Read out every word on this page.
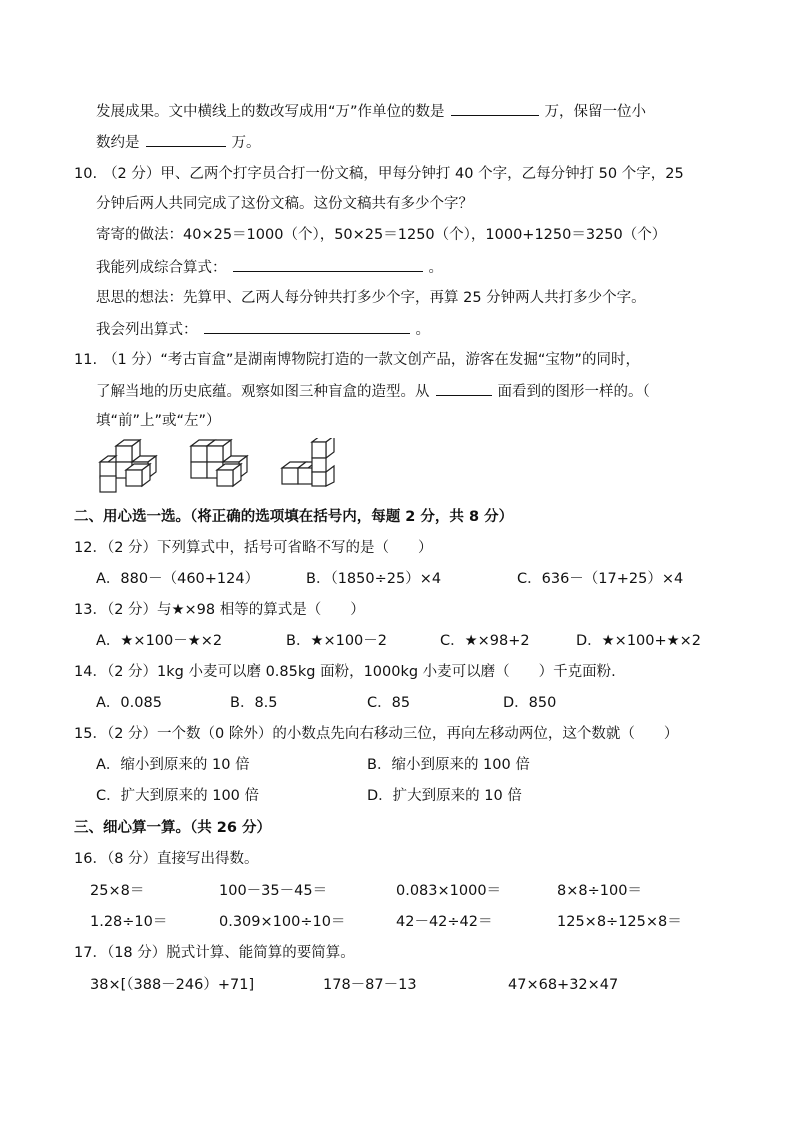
发展成果。文中横线上的数改写成用“万”作单位的数是	万，保留一位小
数约是	万。
10. （2 分）甲、乙两个打字员合打一份文稿，甲每分钟打 40 个字，乙每分钟打 50 个字，25
分钟后两人共同完成了这份文稿。这份文稿共有多少个字？
寄寄的做法：40×25＝1000（个），50×25＝1250（个），1000+1250＝3250（个）
我能列成综合算式：	。
思思的想法：先算甲、乙两人每分钟共打多少个字，再算 25 分钟两人共打多少个字。
我会列出算式：	。
11. （1 分）“考古盲盒”是湖南博物院打造的一款文创产品，游客在发掘“宝物”的同时，
了解当地的历史底蕴。观察如图三种盲盒的造型。从	面看到的图形一样的。（
填“前”上”或“左”）
二、用心选一选。（将正确的选项填在括号内，每题 2 分，共 8 分）
12．（2 分）下列算式中，括号可省略不写的是（　　）
A．880－（460+124）	B．（1850÷25）×4	C．636－（17+25）×4
13．（2 分）与★×98 相等的算式是（　　）
A．★×100－★×2	B．★×100－2	C．★×98+2	D．★×100+★×2
14．（2 分）1kg 小麦可以磨 0.85kg 面粉，1000kg 小麦可以磨（　　）千克面粉.
A．0.085	B．8.5	C．85	D．850
15．（2 分）一个数（0 除外）的小数点先向右移动三位，再向左移动两位，这个数就（　　）
A．缩小到原来的 10 倍	B．缩小到原来的 100 倍
C．扩大到原来的 100 倍	D．扩大到原来的 10 倍
三、细心算一算。（共 26 分）
16．（8 分）直接写出得数。
25×8＝	100－35－45＝	0.083×1000＝	8×8÷100＝
1.28÷10＝	0.309×100÷10＝	42－42÷42＝	125×8÷125×8＝
17．（18 分）脱式计算、能简算的要简算。
38×[（388－246）+71]	178－87－13	47×68+32×47
